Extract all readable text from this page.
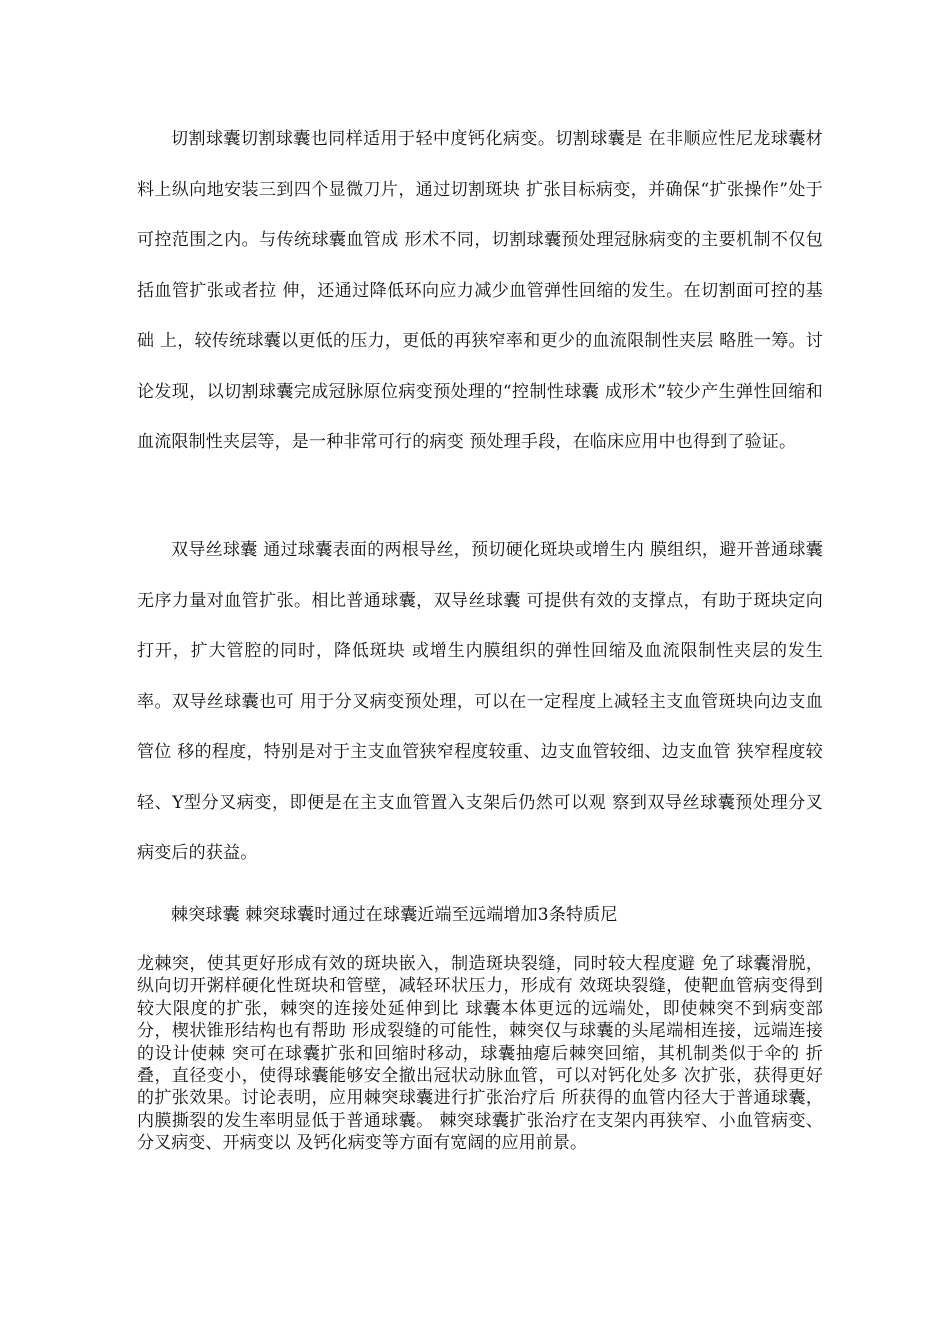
切割球囊切割球囊也同样适用于轻中度钙化病变。切割球囊是 在非顺应性尼龙球囊材料上纵向地安装三到四个显微刀片，通过切割斑块 扩张目标病变，并确保“扩张操作”处于可控范围之内。与传统球囊血管成 形术不同，切割球囊预处理冠脉病变的主要机制不仅包括血管扩张或者拉 伸，还通过降低环向应力减少血管弹性回缩的发生。在切割面可控的基础 上，较传统球囊以更低的压力，更低的再狭窄率和更少的血流限制性夹层 略胜一筹。讨论发现，以切割球囊完成冠脉原位病变预处理的“控制性球囊 成形术”较少产生弹性回缩和血流限制性夹层等，是一种非常可行的病变 预处理手段，在临床应用中也得到了验证。

双导丝球囊 通过球囊表面的两根导丝，预切硬化斑块或增生内 膜组织，避开普通球囊无序力量对血管扩张。相比普通球囊，双导丝球囊 可提供有效的支撑点，有助于斑块定向打开，扩大管腔的同时，降低斑块 或增生内膜组织的弹性回缩及血流限制性夹层的发生率。双导丝球囊也可 用于分叉病变预处理，可以在一定程度上减轻主支血管斑块向边支血管位 移的程度，特别是对于主支血管狭窄程度较重、边支血管较细、边支血管 狭窄程度较轻、Y型分叉病变，即便是在主支血管置入支架后仍然可以观 察到双导丝球囊预处理分叉病变后的获益。

棘突球囊 棘突球囊时通过在球囊近端至远端增加3条特质尼

龙棘突，使其更好形成有效的斑块嵌入，制造斑块裂缝，同时较大程度避 免了球囊滑脱，纵向切开粥样硬化性斑块和管壁，减轻环状压力，形成有 效斑块裂缝，使靶血管病变得到较大限度的扩张，棘突的连接处延伸到比 球囊本体更远的远端处，即使棘突不到病变部分，楔状锥形结构也有帮助 形成裂缝的可能性，棘突仅与球囊的头尾端相连接，远端连接的设计使棘 突可在球囊扩张和回缩时移动，球囊抽瘪后棘突回缩，其机制类似于伞的 折叠，直径变小，使得球囊能够安全撤出冠状动脉血管，可以对钙化处多 次扩张，获得更好的扩张效果。讨论表明，应用棘突球囊进行扩张治疗后 所获得的血管内径大于普通球囊，内膜撕裂的发生率明显低于普通球囊。 棘突球囊扩张治疗在支架内再狭窄、小血管病变、分叉病变、开病变以 及钙化病变等方面有宽阔的应用前景。
